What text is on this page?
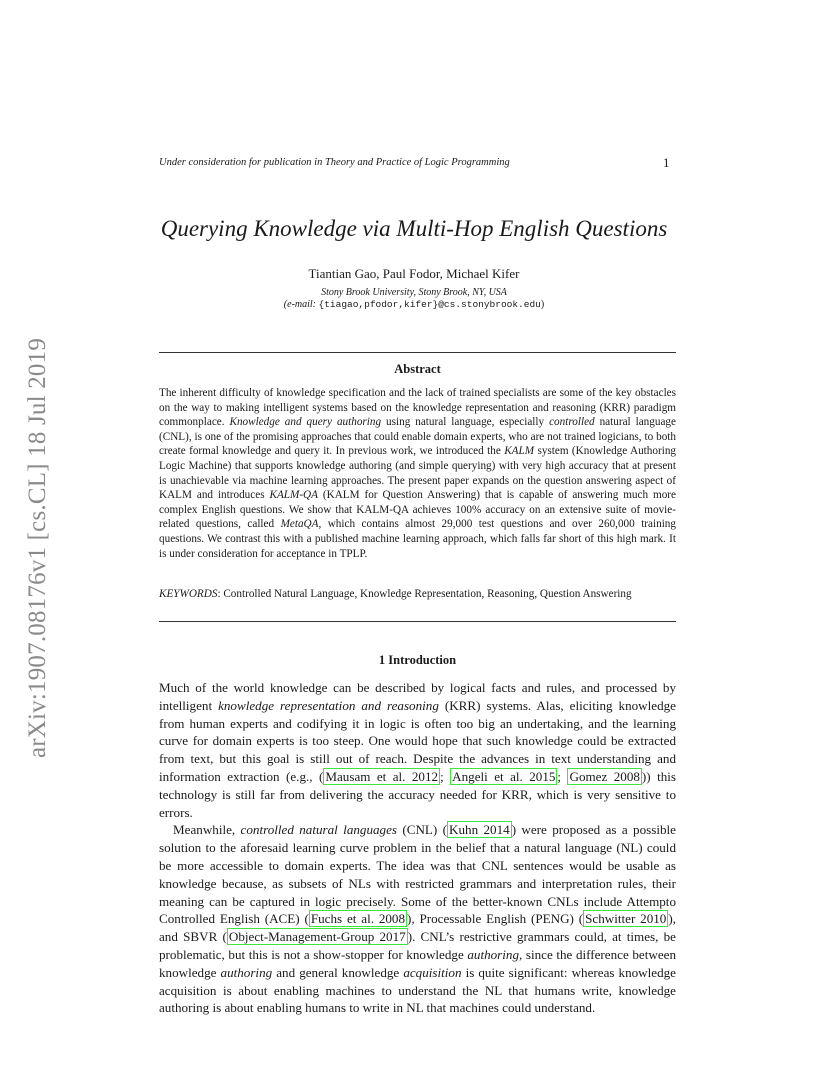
arXiv:1907.08176v1 [cs.CL] 18 Jul 2019
Under consideration for publication in Theory and Practice of Logic Programming	1
Querying Knowledge via Multi-Hop English Questions
Tiantian Gao, Paul Fodor, Michael Kifer
Stony Brook University, Stony Brook, NY, USA
(e-mail: {tiagao,pfodor,kifer}@cs.stonybrook.edu)
Abstract
The inherent difficulty of knowledge specification and the lack of trained specialists are some of the key obstacles on the way to making intelligent systems based on the knowledge representation and reasoning (KRR) paradigm commonplace. Knowledge and query authoring using natural language, especially controlled natural language (CNL), is one of the promising approaches that could enable domain experts, who are not trained logicians, to both create formal knowledge and query it. In previous work, we introduced the KALM system (Knowledge Authoring Logic Machine) that supports knowledge authoring (and simple querying) with very high accuracy that at present is unachievable via machine learning approaches. The present paper expands on the question answering aspect of KALM and introduces KALM-QA (KALM for Question Answering) that is capable of answering much more complex English questions. We show that KALM-QA achieves 100% accuracy on an extensive suite of movie-related questions, called MetaQA, which contains almost 29,000 test questions and over 260,000 training questions. We contrast this with a published machine learning approach, which falls far short of this high mark. It is under consideration for acceptance in TPLP.
KEYWORDS: Controlled Natural Language, Knowledge Representation, Reasoning, Question Answering
1 Introduction

Much of the world knowledge can be described by logical facts and rules, and processed by intelligent knowledge representation and reasoning (KRR) systems. Alas, eliciting knowledge from human experts and codifying it in logic is often too big an undertaking, and the learning curve for domain experts is too steep. One would hope that such knowledge could be extracted from text, but this goal is still out of reach. Despite the advances in text understanding and information extraction (e.g., ( Mausam et al. 2012 ; Angeli et al. 2015 ; Gomez 2008 )) this technology is still far from delivering the accuracy needed for KRR, which is very sensitive to errors.

Meanwhile, controlled natural languages (CNL) ( Kuhn 2014 ) were proposed as a possible solution to the aforesaid learning curve problem in the belief that a natural language (NL) could be more accessible to domain experts. The idea was that CNL sentences would be usable as knowledge because, as subsets of NLs with restricted grammars and interpretation rules, their meaning can be captured in logic precisely. Some of the better-known CNLs include Attempto Controlled English (ACE) ( Fuchs et al. 2008 ), Processable English (PENG) ( Schwitter 2010 ), and SBVR ( Object-Management-Group 2017 ). CNL’s restrictive grammars could, at times, be problematic, but this is not a show-stopper for knowledge authoring, since the difference between knowledge authoring and general knowledge acquisition is quite significant: whereas knowledge acquisition is about enabling machines to understand the NL that humans write, knowledge authoring is about enabling humans to write in NL that machines could understand.
